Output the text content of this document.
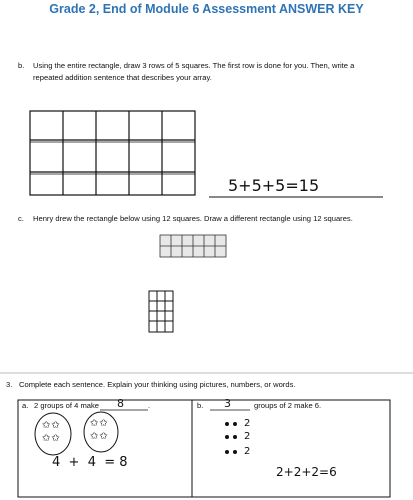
Grade 2, End of Module 6 Assessment ANSWER KEY
b. Using the entire rectangle, draw 3 rows of 5 squares. The first row is done for you. Then, write a
repeated addition sentence that describes your array.
5+5+5=15
c. Henry drew the rectangle below using 12 squares. Draw a different rectangle using 12 squares.
3. Complete each sentence. Explain your thinking using pictures, numbers, or words.
a. 2 groups of 4 make 8	.
✩✩
✩✩
✩✩
✩✩
4  +  4  = 8
b. 3	groups of 2 make 6.
2
2
2
2+2+2=6
